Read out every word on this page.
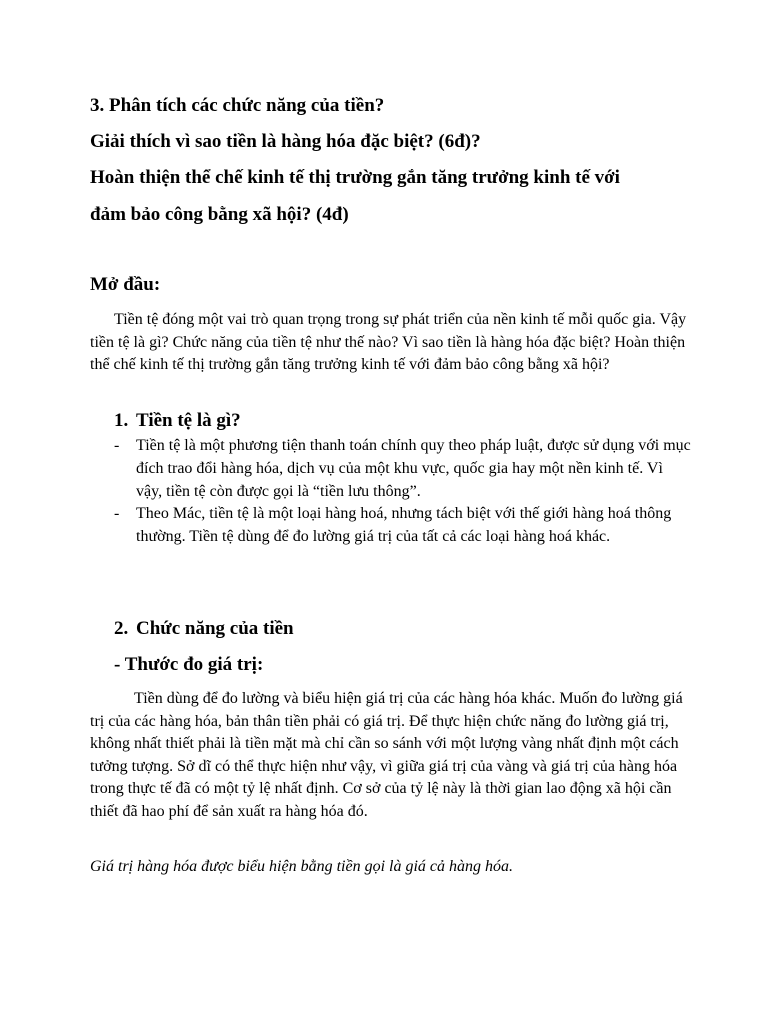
3. Phân tích các chức năng của tiền?
Giải thích vì sao tiền là hàng hóa đặc biệt? (6đ)?
Hoàn thiện thể chế kinh tế thị trường gắn tăng trưởng kinh tế với
đảm bảo công bằng xã hội? (4đ)
Mở đầu:
Tiền tệ đóng một vai trò quan trọng trong sự phát triển của nền kinh tế mỗi quốc gia. Vậy tiền tệ là gì? Chức năng của tiền tệ như thế nào? Vì sao tiền là hàng hóa đặc biệt? Hoàn thiện thể chế kinh tế thị trường gắn tăng trưởng kinh tế với đảm bảo công bằng xã hội?
1. Tiền tệ là gì?
- Tiền tệ là một phương tiện thanh toán chính quy theo pháp luật, được sử dụng với mục đích trao đổi hàng hóa, dịch vụ của một khu vực, quốc gia hay một nền kinh tế. Vì vậy, tiền tệ còn được gọi là “tiền lưu thông”.
- Theo Mác, tiền tệ là một loại hàng hoá, nhưng tách biệt với thế giới hàng hoá thông thường. Tiền tệ dùng để đo lường giá trị của tất cả các loại hàng hoá khác.
2. Chức năng của tiền
- Thước đo giá trị:
Tiền dùng để đo lường và biểu hiện giá trị của các hàng hóa khác. Muốn đo lường giá trị của các hàng hóa, bản thân tiền phải có giá trị. Để thực hiện chức năng đo lường giá trị, không nhất thiết phải là tiền mặt mà chỉ cần so sánh với một lượng vàng nhất định một cách tưởng tượng. Sở dĩ có thể thực hiện như vậy, vì giữa giá trị của vàng và giá trị của hàng hóa trong thực tế đã có một tỷ lệ nhất định. Cơ sở của tỷ lệ này là thời gian lao động xã hội cần thiết đã hao phí để sản xuất ra hàng hóa đó.
Giá trị hàng hóa được biểu hiện bằng tiền gọi là giá cả hàng hóa.
